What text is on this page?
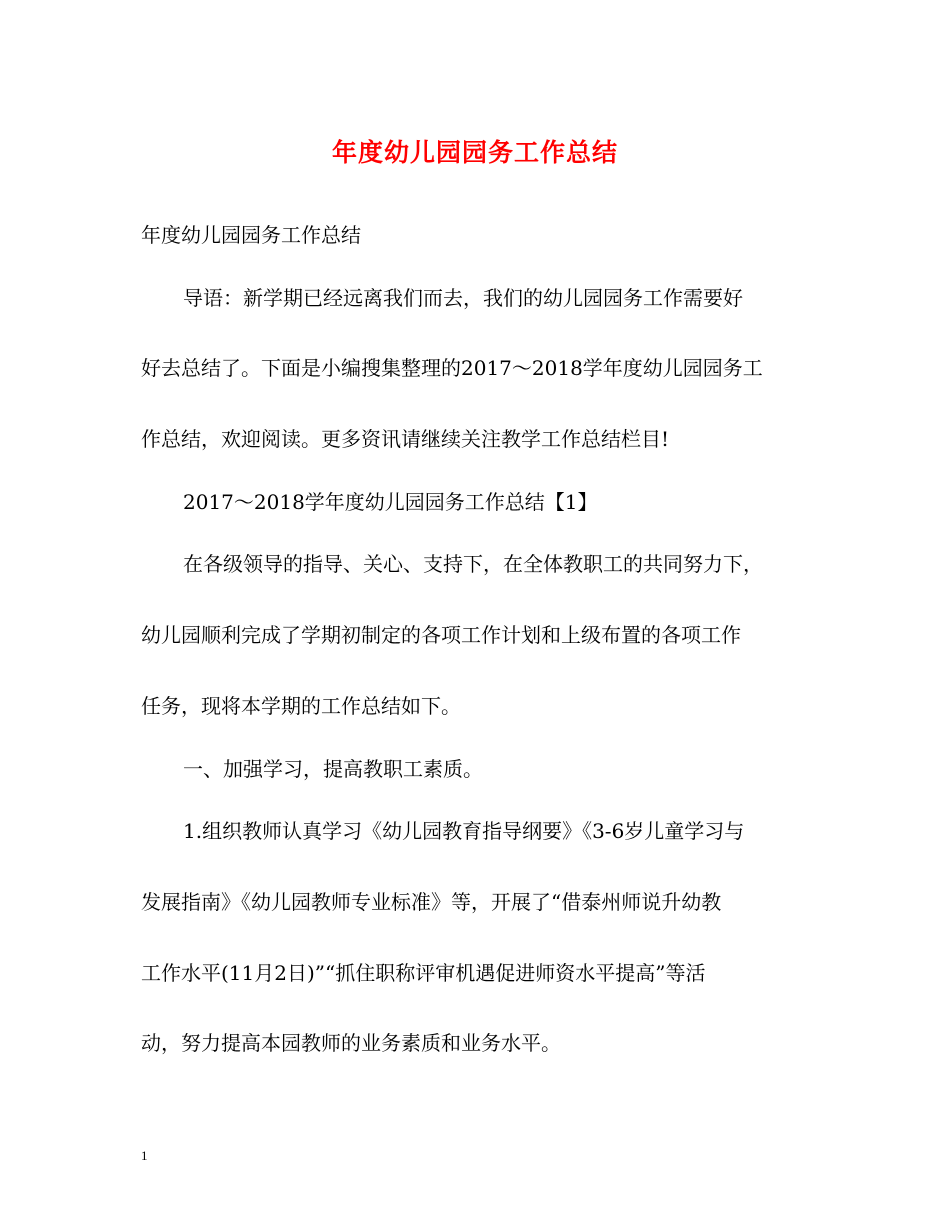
年度幼儿园园务工作总结
年度幼儿园园务工作总结
导语：新学期已经远离我们而去，我们的幼儿园园务工作需要好
好去总结了。下面是小编搜集整理的2017～2018学年度幼儿园园务工
作总结，欢迎阅读。更多资讯请继续关注教学工作总结栏目!
2017～2018学年度幼儿园园务工作总结【1】
在各级领导的指导、关心、支持下，在全体教职工的共同努力下，
幼儿园顺利完成了学期初制定的各项工作计划和上级布置的各项工作
任务，现将本学期的工作总结如下。
一、加强学习，提高教职工素质。
1.组织教师认真学习《幼儿园教育指导纲要》《3-6岁儿童学习与
发展指南》《幼儿园教师专业标准》等，开展了“借泰州师说升幼教
工作水平(11月2日)”“抓住职称评审机遇促进师资水平提高”等活
动，努力提高本园教师的业务素质和业务水平。
1
